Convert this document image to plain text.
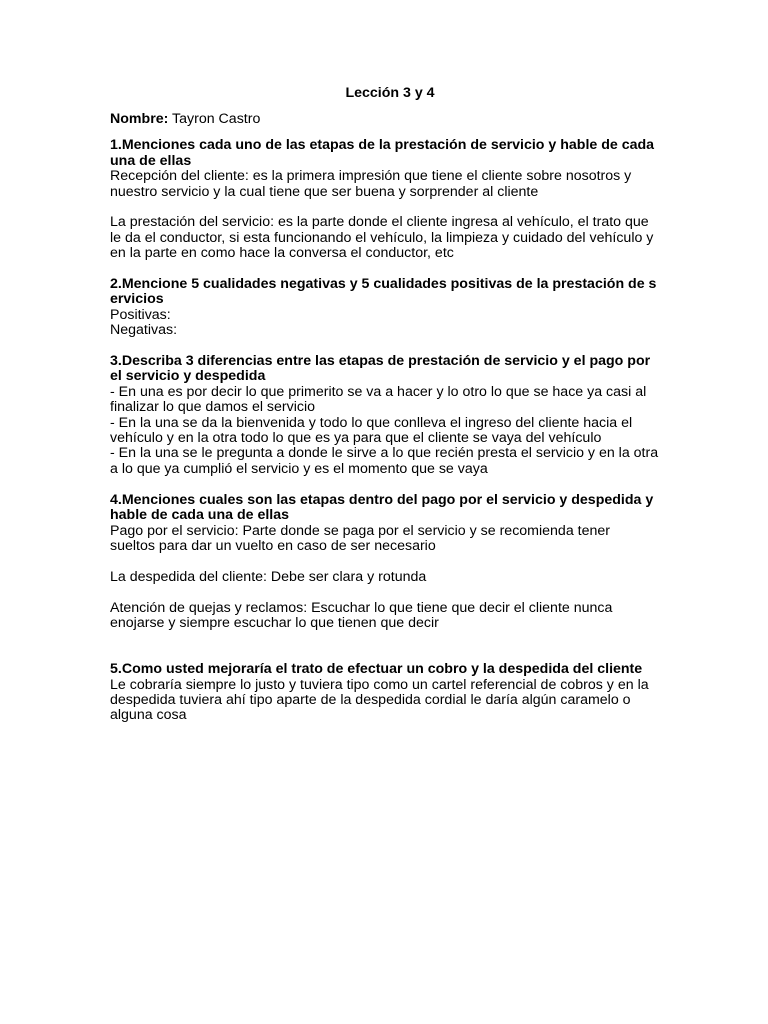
Lección 3 y 4

Nombre: Tayron Castro

1.Menciones cada uno de las etapas de la prestación de servicio y hable de cada
una de ellas

Recepción del cliente: es la primera impresión que tiene el cliente sobre nosotros y
nuestro servicio y la cual tiene que ser buena y sorprender al cliente

La prestación del servicio: es la parte donde el cliente ingresa al vehículo, el trato que
le da el conductor, si esta funcionando el vehículo, la limpieza y cuidado del vehículo y
en la parte en como hace la conversa el conductor, etc

2.Mencione 5 cualidades negativas y 5 cualidades positivas de la prestación de s
ervicios

Positivas:

Negativas:

3.Describa 3 diferencias entre las etapas de prestación de servicio y el pago por
el servicio y despedida

- En una es por decir lo que primerito se va a hacer y lo otro lo que se hace ya casi al
finalizar lo que damos el servicio
- En la una se da la bienvenida y todo lo que conlleva el ingreso del cliente hacia el
vehículo y en la otra todo lo que es ya para que el cliente se vaya del vehículo
- En la una se le pregunta a donde le sirve a lo que recién presta el servicio y en la otra
a lo que ya cumplió el servicio y es el momento que se vaya

4.Menciones cuales son las etapas dentro del pago por el servicio y despedida y
hable de cada una de ellas

Pago por el servicio: Parte donde se paga por el servicio y se recomienda tener
sueltos para dar un vuelto en caso de ser necesario

La despedida del cliente: Debe ser clara y rotunda

Atención de quejas y reclamos: Escuchar lo que tiene que decir el cliente nunca
enojarse y siempre escuchar lo que tienen que decir

5.Como usted mejoraría el trato de efectuar un cobro y la despedida del cliente

Le cobraría siempre lo justo y tuviera tipo como un cartel referencial de cobros y en la
despedida tuviera ahí tipo aparte de la despedida cordial le daría algún caramelo o
alguna cosa
